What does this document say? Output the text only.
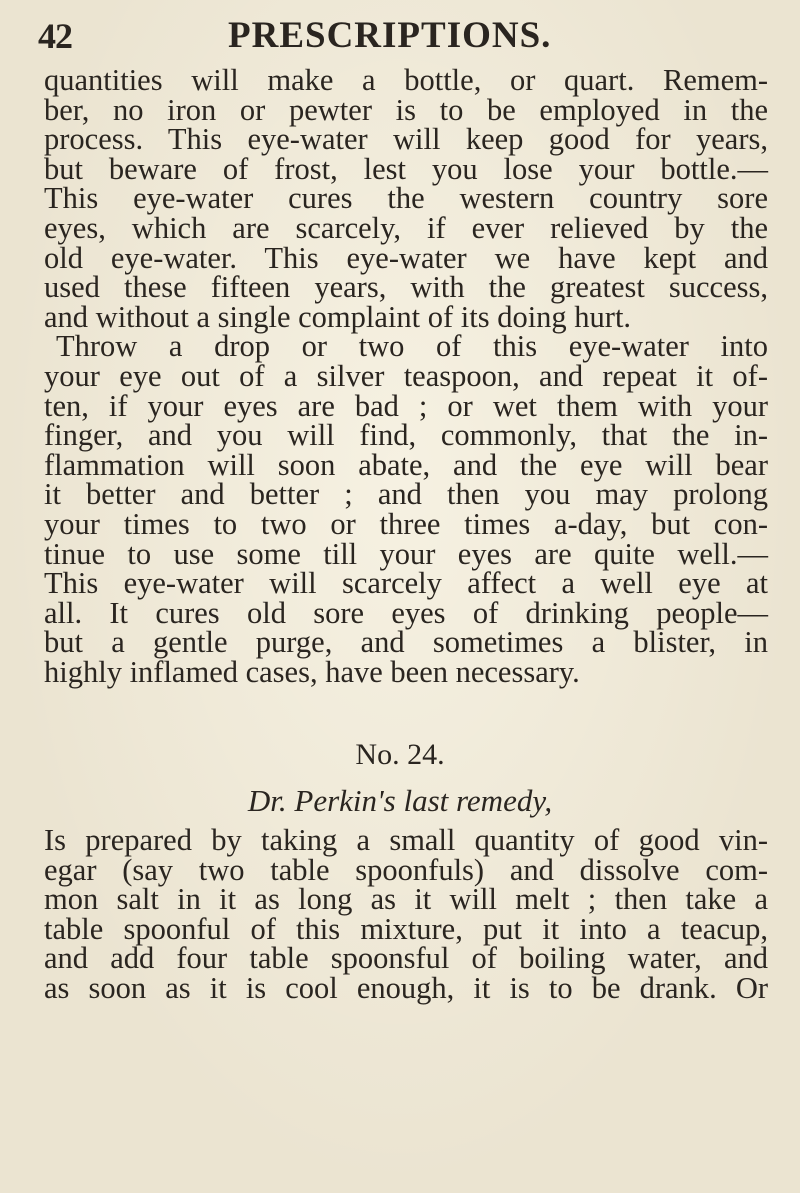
42	PRESCRIPTIONS.
quantities will make a bottle, or quart. Remem-
ber, no iron or pewter is to be employed in the
process. This eye-water will keep good for years,
but beware of frost, lest you lose your bottle.—
This eye-water cures the western country sore
eyes, which are scarcely, if ever relieved by the
old eye-water. This eye-water we have kept and
used these fifteen years, with the greatest success,
and without a single complaint of its doing hurt.
Throw a drop or two of this eye-water into
your eye out of a silver teaspoon, and repeat it of-
ten, if your eyes are bad ; or wet them with your
finger, and you will find, commonly, that the in-
flammation will soon abate, and the eye will bear
it better and better ; and then you may prolong
your times to two or three times a-day, but con-
tinue to use some till your eyes are quite well.—
This eye-water will scarcely affect a well eye at
all. It cures old sore eyes of drinking people—
but a gentle purge, and sometimes a blister, in
highly inflamed cases, have been necessary.
No. 24.
Dr. Perkin's last remedy,
Is prepared by taking a small quantity of good vin-
egar (say two table spoonfuls) and dissolve com-
mon salt in it as long as it will melt ; then take a
table spoonful of this mixture, put it into a teacup,
and add four table spoonsful of boiling water, and
as soon as it is cool enough, it is to be drank. Or
